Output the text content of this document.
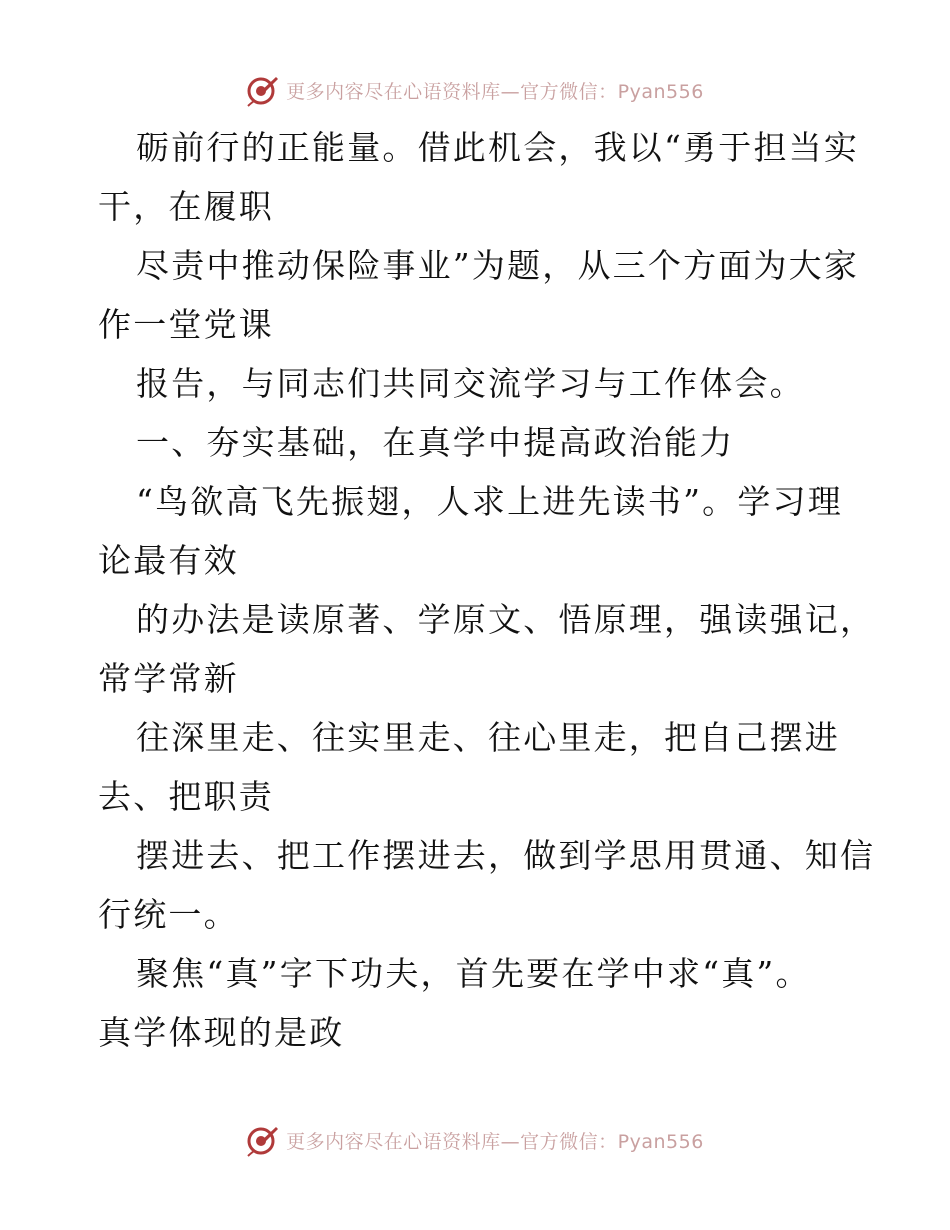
更多内容尽在心语资料库—官方微信：Pyan556
砺前行的正能量。借此机会，我以“勇于担当实
干，在履职
尽责中推动保险事业”为题，从三个方面为大家
作一堂党课
报告，与同志们共同交流学习与工作体会。
一、夯实基础，在真学中提高政治能力
“鸟欲高飞先振翅，人求上进先读书”。学习理
论最有效
的办法是读原著、学原文、悟原理，强读强记，
常学常新
往深里走、往实里走、往心里走，把自己摆进
去、把职责
摆进去、把工作摆进去，做到学思用贯通、知信
行统一。
聚焦“真”字下功夫，首先要在学中求“真”。
真学体现的是政
更多内容尽在心语资料库—官方微信：Pyan556
